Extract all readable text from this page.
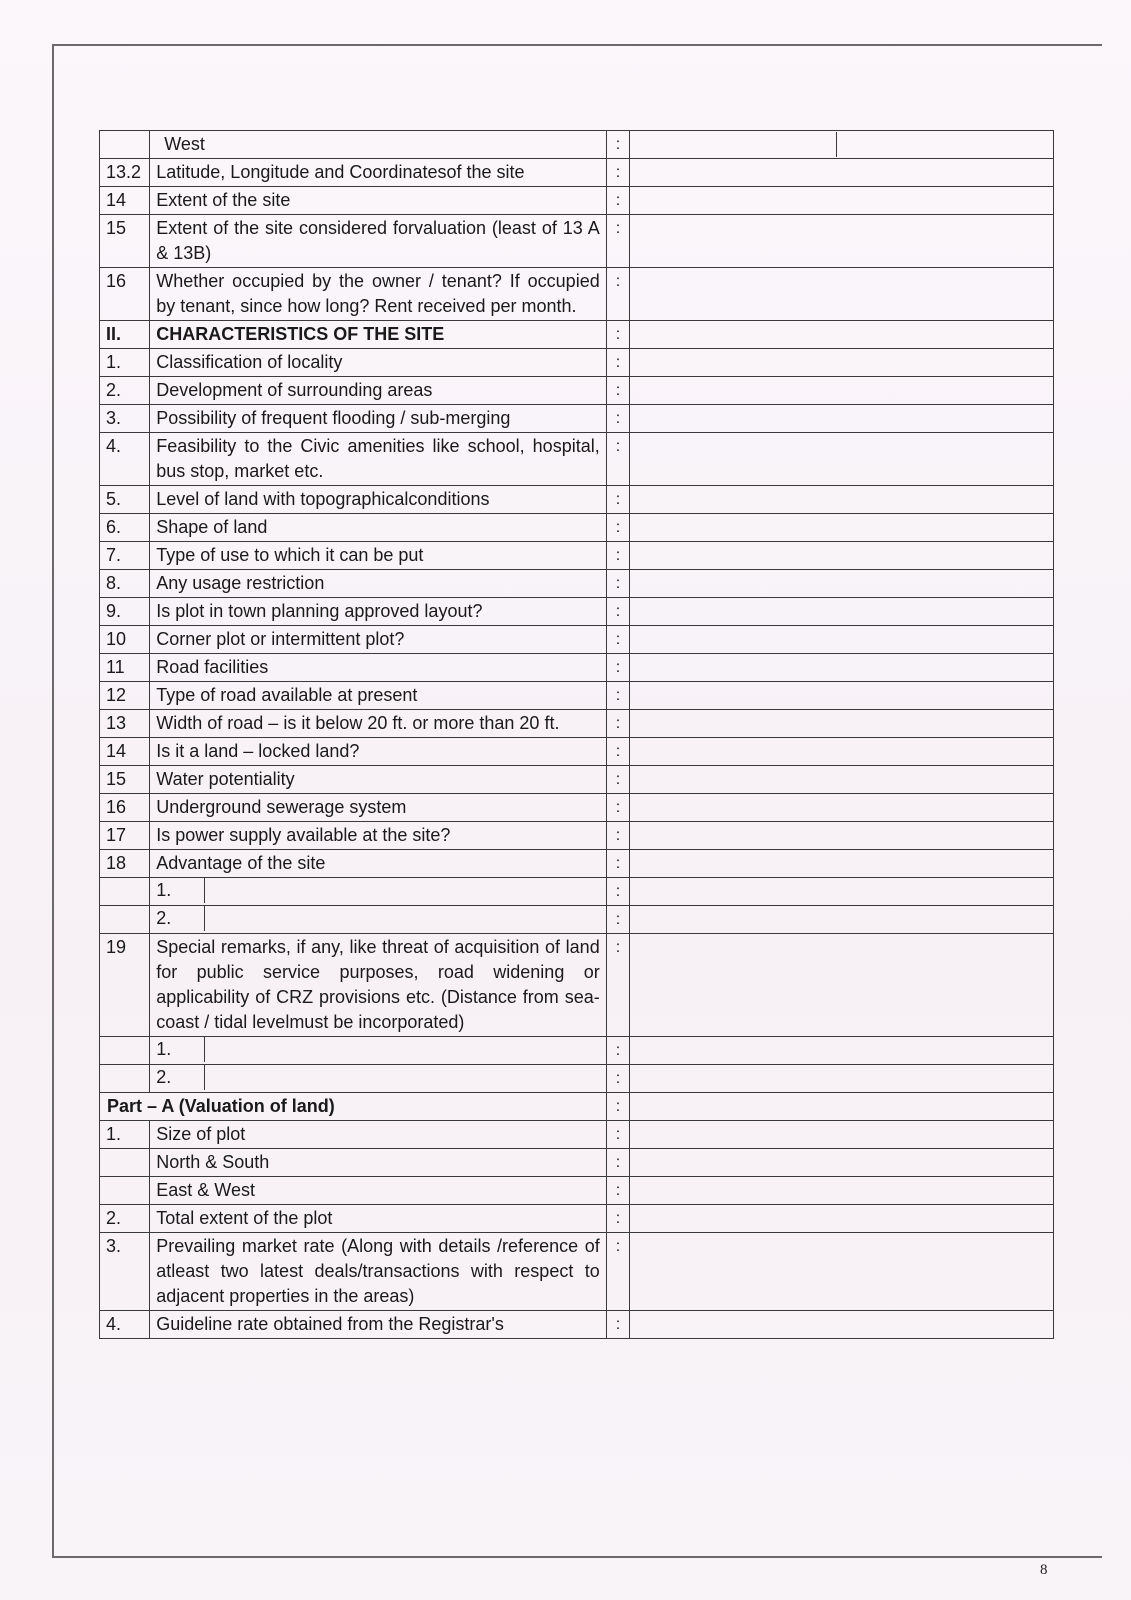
	West	:	

13.2	Latitude, Longitude and Coordinatesof the site	:	
14	Extent of the site	:	
15	Extent of the site considered forvaluation (least of 13 A & 13B)	:	
16	Whether occupied by the owner / tenant? If occupied by tenant, since how long? Rent received per month.	:	
II.	CHARACTERISTICS OF THE SITE	:	
1.	Classification of locality	:	
2.	Development of surrounding areas	:	
3.	Possibility of frequent flooding / sub-merging	:	
4.	Feasibility to the Civic amenities like school, hospital, bus stop, market etc.	:	
5.	Level of land with topographicalconditions	:	
6.	Shape of land	:	
7.	Type of use to which it can be put	:	
8.	Any usage restriction	:	
9.	Is plot in town planning approved layout?	:	
10	Corner plot or intermittent plot?	:	
11	Road facilities	:	
12	Type of road available at present	:	
13	Width of road – is it below 20 ft. or more than 20 ft.	:	
14	Is it a land – locked land?	:	
15	Water potentiality	:	
16	Underground sewerage system	:	
17	Is power supply available at the site?	:	
18	Advantage of the site	:	

	1.	:	

	2.	:	
19	Special remarks, if any, like threat of acquisition of land for public service purposes, road widening or applicability of CRZ provisions etc. (Distance from sea-coast / tidal levelmust be incorporated)	:	

	1.	:	

	2.	:	
Part – A (Valuation of land)		:	
1.	Size of plot	:	
	North & South	:	
	East & West	:	
2.	Total extent of the plot	:	
3.	Prevailing market rate (Along with details /reference of atleast two latest deals/transactions with respect to adjacent properties in the areas)	:	
4.	Guideline rate obtained from the Registrar's	:	
8
